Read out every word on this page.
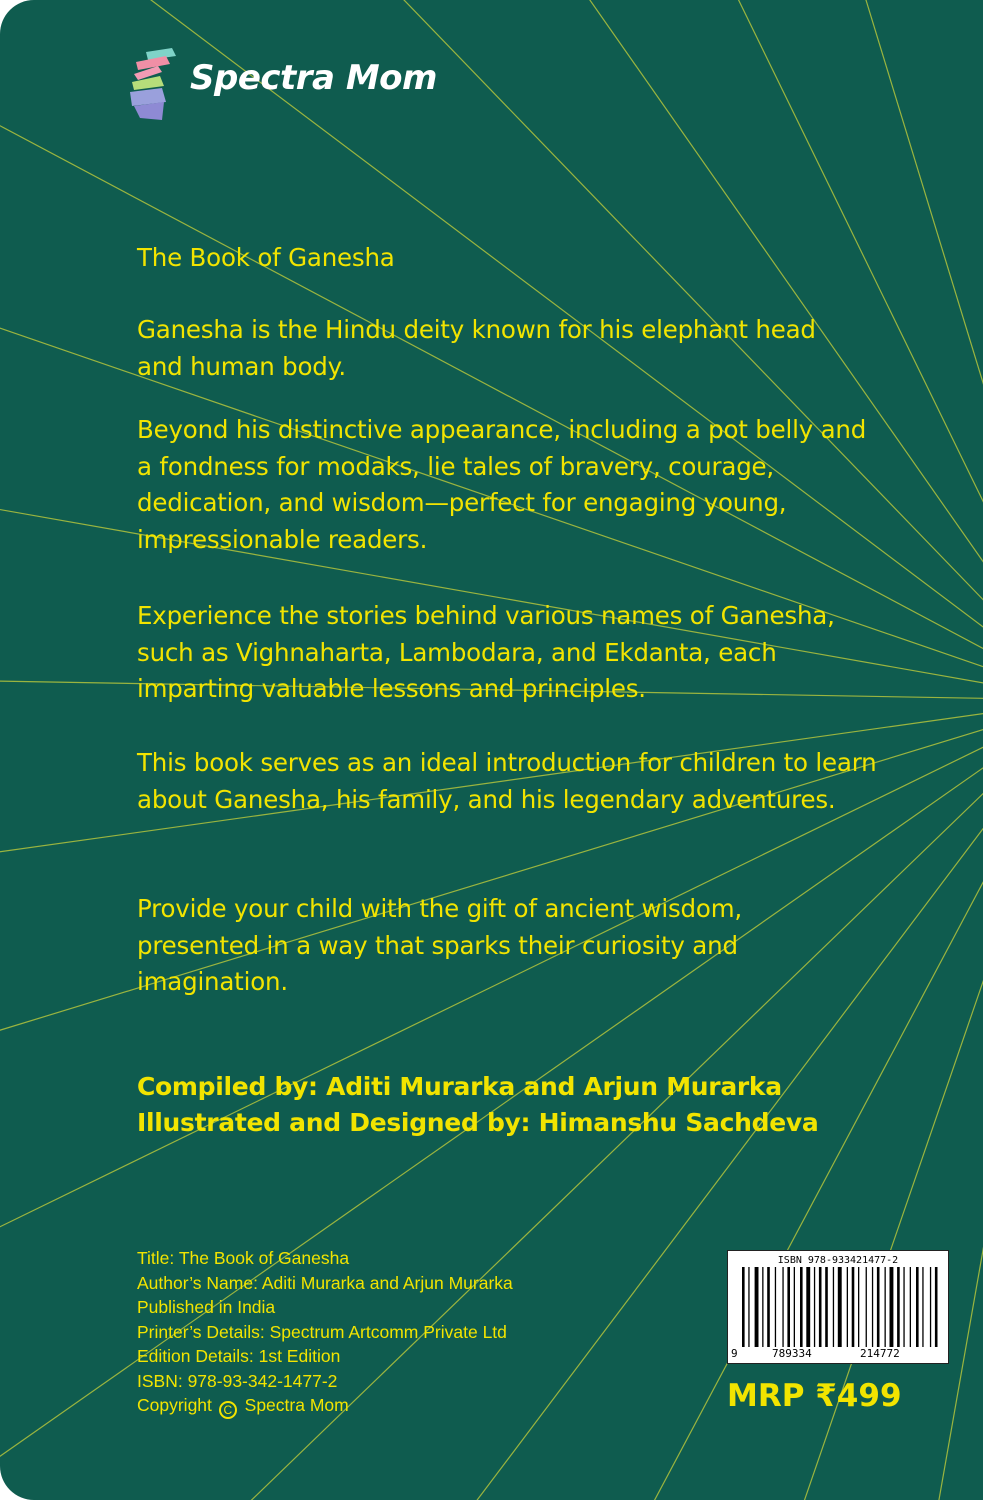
Spectra Mom

The Book of Ganesha

Ganesha is the Hindu deity known for his elephant head and human body.

Beyond his distinctive appearance, including a pot belly and a fondness for modaks, lie tales of bravery, courage, dedication, and wisdom—perfect for engaging young, impressionable readers.

Experience the stories behind various names of Ganesha, such as Vighnaharta, Lambodara, and Ekdanta, each imparting valuable lessons and principles.

This book serves as an ideal introduction for children to learn about Ganesha, his family, and his legendary adventures.

Provide your child with the gift of ancient wisdom, presented in a way that sparks their curiosity and imagination.

Compiled by: Aditi Murarka and Arjun Murarka

Illustrated and Designed by: Himanshu Sachdeva

Title: The Book of Ganesha
Author’s Name: Aditi Murarka and Arjun Murarka
Published in India
Printer’s Details: Spectrum Artcomm Private Ltd
Edition Details: 1st Edition
ISBN: 978-93-342-1477-2
Copyright C Spectra Mom
ISBN 978-933421477-2
9	789334	214772
MRP ₹499
